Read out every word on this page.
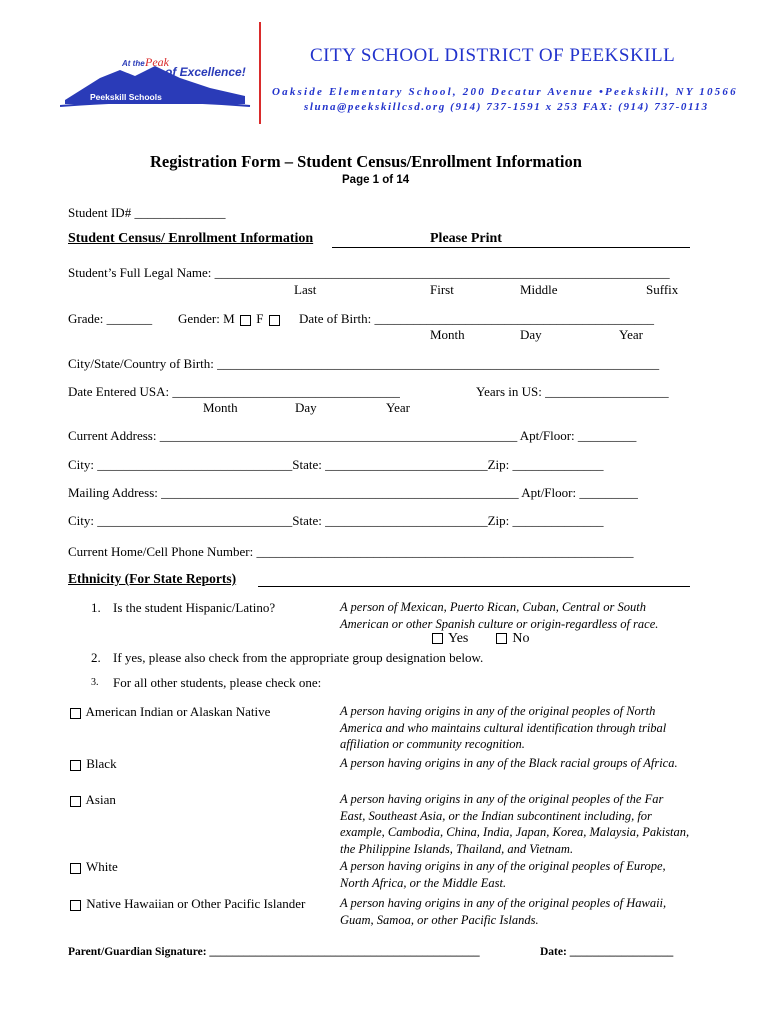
At the Peak
of Excellence!
Peekskill Schools
CITY SCHOOL DISTRICT OF PEEKSKILL
Oakside Elementary School, 200 Decatur Avenue •Peekskill, NY 10566
sluna@peekskillcsd.org (914) 737-1591 x 253 FAX: (914) 737-0113
Registration Form – Student Census/Enrollment Information
Page 1 of 14
Student ID# ______________
Student Census/ Enrollment Information	Please Print
Student’s Full Legal Name: ______________________________________________________________________
Last	First	Middle	Suffix
Grade: _______ Gender: M F	Date of Birth: ___________________________________________
Month	Day	Year
City/State/Country of Birth: ____________________________________________________________________
Date Entered USA: ___________________________________	Years in US: ___________________
Month	Day	Year
Current Address: _______________________________________________________ Apt/Floor: _________
City: ______________________________State: _________________________Zip: ______________
Mailing Address: _______________________________________________________ Apt/Floor: _________
City: ______________________________State: _________________________Zip: ______________
Current Home/Cell Phone Number: __________________________________________________________
Ethnicity (For State Reports)
1. Is the student Hispanic/Latino?	A person of Mexican, Puerto Rican, Cuban, Central or South American or other Spanish culture or origin-regardless of race.
Yes	No
2. If yes, please also check from the appropriate group designation below.
3. For all other students, please check one:
American Indian or Alaskan Native	A person having origins in any of the original peoples of North America and who maintains cultural identification through tribal affiliation or community recognition.
Black	A person having origins in any of the Black racial groups of Africa.
Asian	A person having origins in any of the original peoples of the Far East, Southeast Asia, or the Indian subcontinent including, for example, Cambodia, China, India, Japan, Korea, Malaysia, Pakistan, the Philippine Islands, Thailand, and Vietnam.
White	A person having origins in any of the original peoples of Europe, North Africa, or the Middle East.
Native Hawaiian or Other Pacific Islander	A person having origins in any of the original peoples of Hawaii, Guam, Samoa, or other Pacific Islands.
Parent/Guardian Signature: _______________________________________________	Date: __________________
